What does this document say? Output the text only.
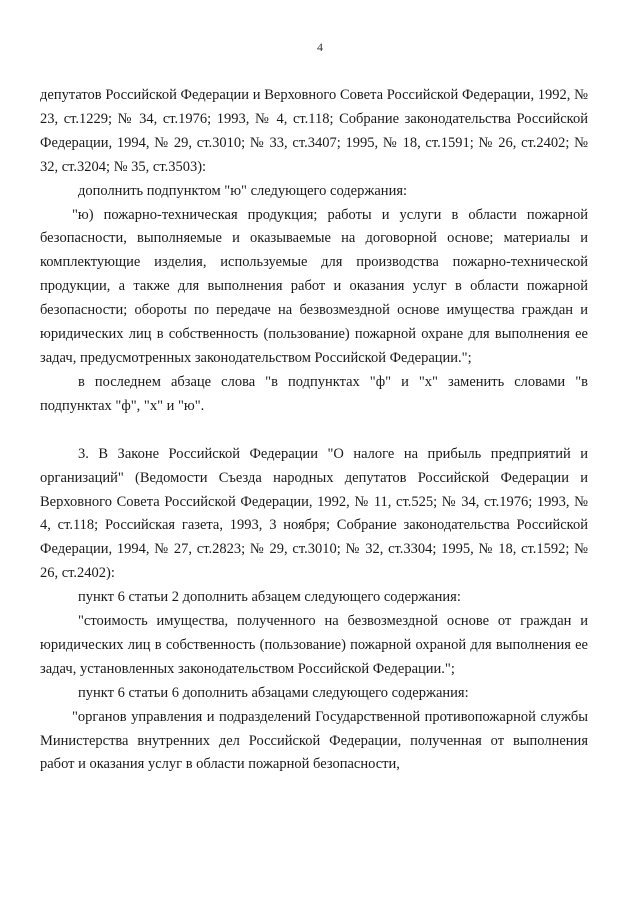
4

депутатов Российской Федерации и Верховного Совета Российской Федерации, 1992, № 23, ст.1229; № 34, ст.1976; 1993, № 4, ст.118; Собрание законодательства Российской Федерации, 1994, № 29, ст.3010; № 33, ст.3407; 1995, № 18, ст.1591; № 26, ст.2402; № 32, ст.3204; № 35, ст.3503):

дополнить подпунктом "ю" следующего содержания:

"ю) пожарно-техническая продукция; работы и услуги в области пожарной безопасности, выполняемые и оказываемые на договорной основе; материалы и комплектующие изделия, используемые для производства пожарно-технической продукции, а также для выполнения работ и оказания услуг в области пожарной безопасности; обороты по передаче на безвозмездной основе имущества граждан и юридических лиц в собственность (пользование) пожарной охране для выполнения ее задач, предусмотренных законодательством Российской Федерации.";

в последнем абзаце слова "в подпунктах "ф" и "х" заменить словами "в подпунктах "ф", "х" и "ю".

3. В Законе Российской Федерации "О налоге на прибыль предприятий и организаций" (Ведомости Съезда народных депутатов Российской Федерации и Верховного Совета Российской Федерации, 1992, № 11, ст.525; № 34, ст.1976; 1993, № 4, ст.118; Российская газета, 1993, 3 ноября; Собрание законодательства Российской Федерации, 1994, № 27, ст.2823; № 29, ст.3010; № 32, ст.3304; 1995, № 18, ст.1592; № 26, ст.2402):

пункт 6 статьи 2 дополнить абзацем следующего содержания:

"стоимость имущества, полученного на безвозмездной основе от граждан и юридических лиц в собственность (пользование) пожарной охраной для выполнения ее задач, установленных законодательством Российской Федерации.";

пункт 6 статьи 6 дополнить абзацами следующего содержания:

"органов управления и подразделений Государственной противопожарной службы Министерства внутренних дел Российской Федерации, полученная от выполнения работ и оказания услуг в области пожарной безопасности,
